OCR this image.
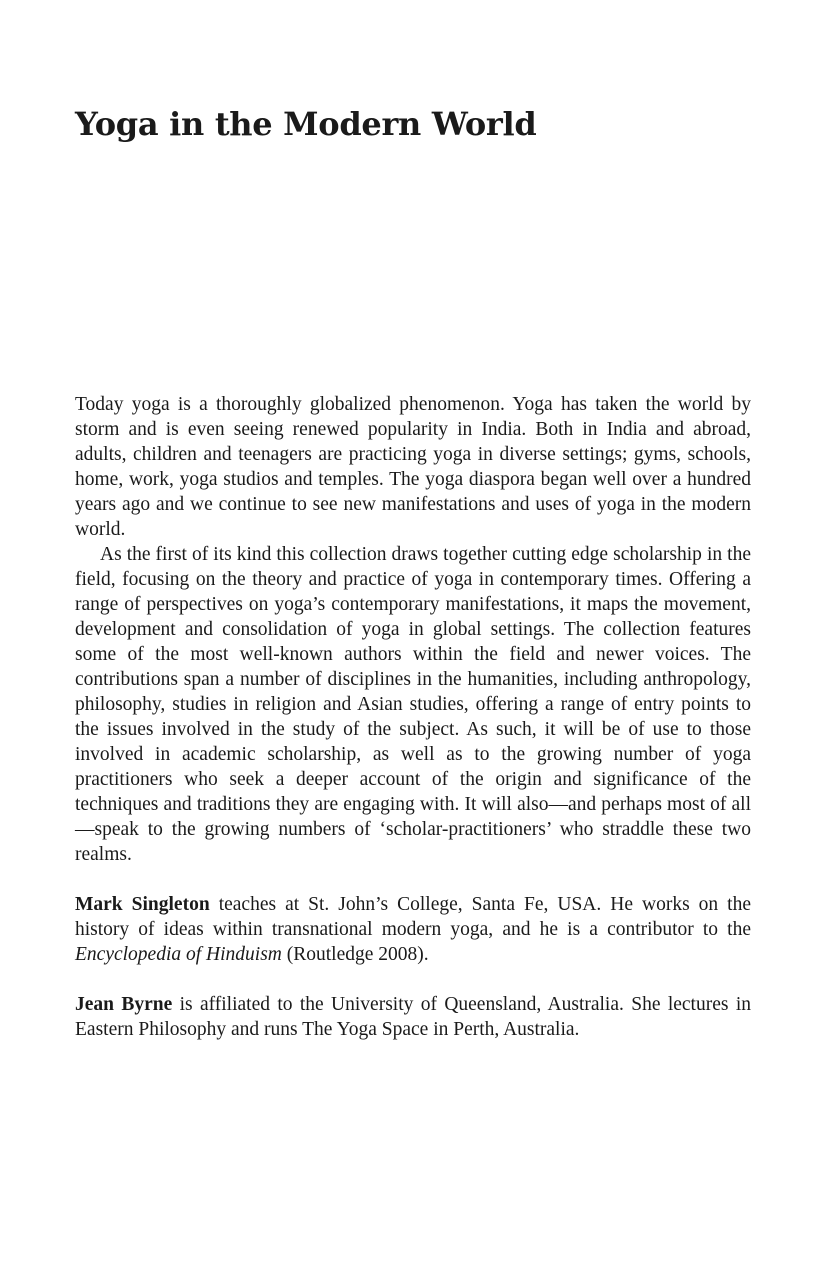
Yoga in the Modern World

Today yoga is a thoroughly globalized phenomenon. Yoga has taken the world by storm and is even seeing renewed popularity in India. Both in India and abroad, adults, children and teenagers are practicing yoga in diverse settings; gyms, schools, home, work, yoga studios and temples. The yoga diaspora began well over a hundred years ago and we continue to see new manifestations and uses of yoga in the modern world.

As the first of its kind this collection draws together cutting edge scholarship in the field, focusing on the theory and practice of yoga in contemporary times. Offering a range of perspectives on yoga’s contemporary manifestations, it maps the movement, development and consolidation of yoga in global settings. The collection features some of the most well-known authors within the field and newer voices. The contributions span a number of disciplines in the humanities, including anthropology, philosophy, studies in religion and Asian studies, offering a range of entry points to the issues involved in the study of the subject. As such, it will be of use to those involved in academic scholarship, as well as to the growing number of yoga practitioners who seek a deeper account of the origin and significance of the techniques and traditions they are engaging with. It will also—and perhaps most of all—speak to the growing numbers of ‘scholar-practitioners’ who straddle these two realms.

Mark Singleton teaches at St. John’s College, Santa Fe, USA. He works on the history of ideas within transnational modern yoga, and he is a contributor to the Encyclopedia of Hinduism (Routledge 2008).

Jean Byrne is affiliated to the University of Queensland, Australia. She lectures in Eastern Philosophy and runs The Yoga Space in Perth, Australia.
